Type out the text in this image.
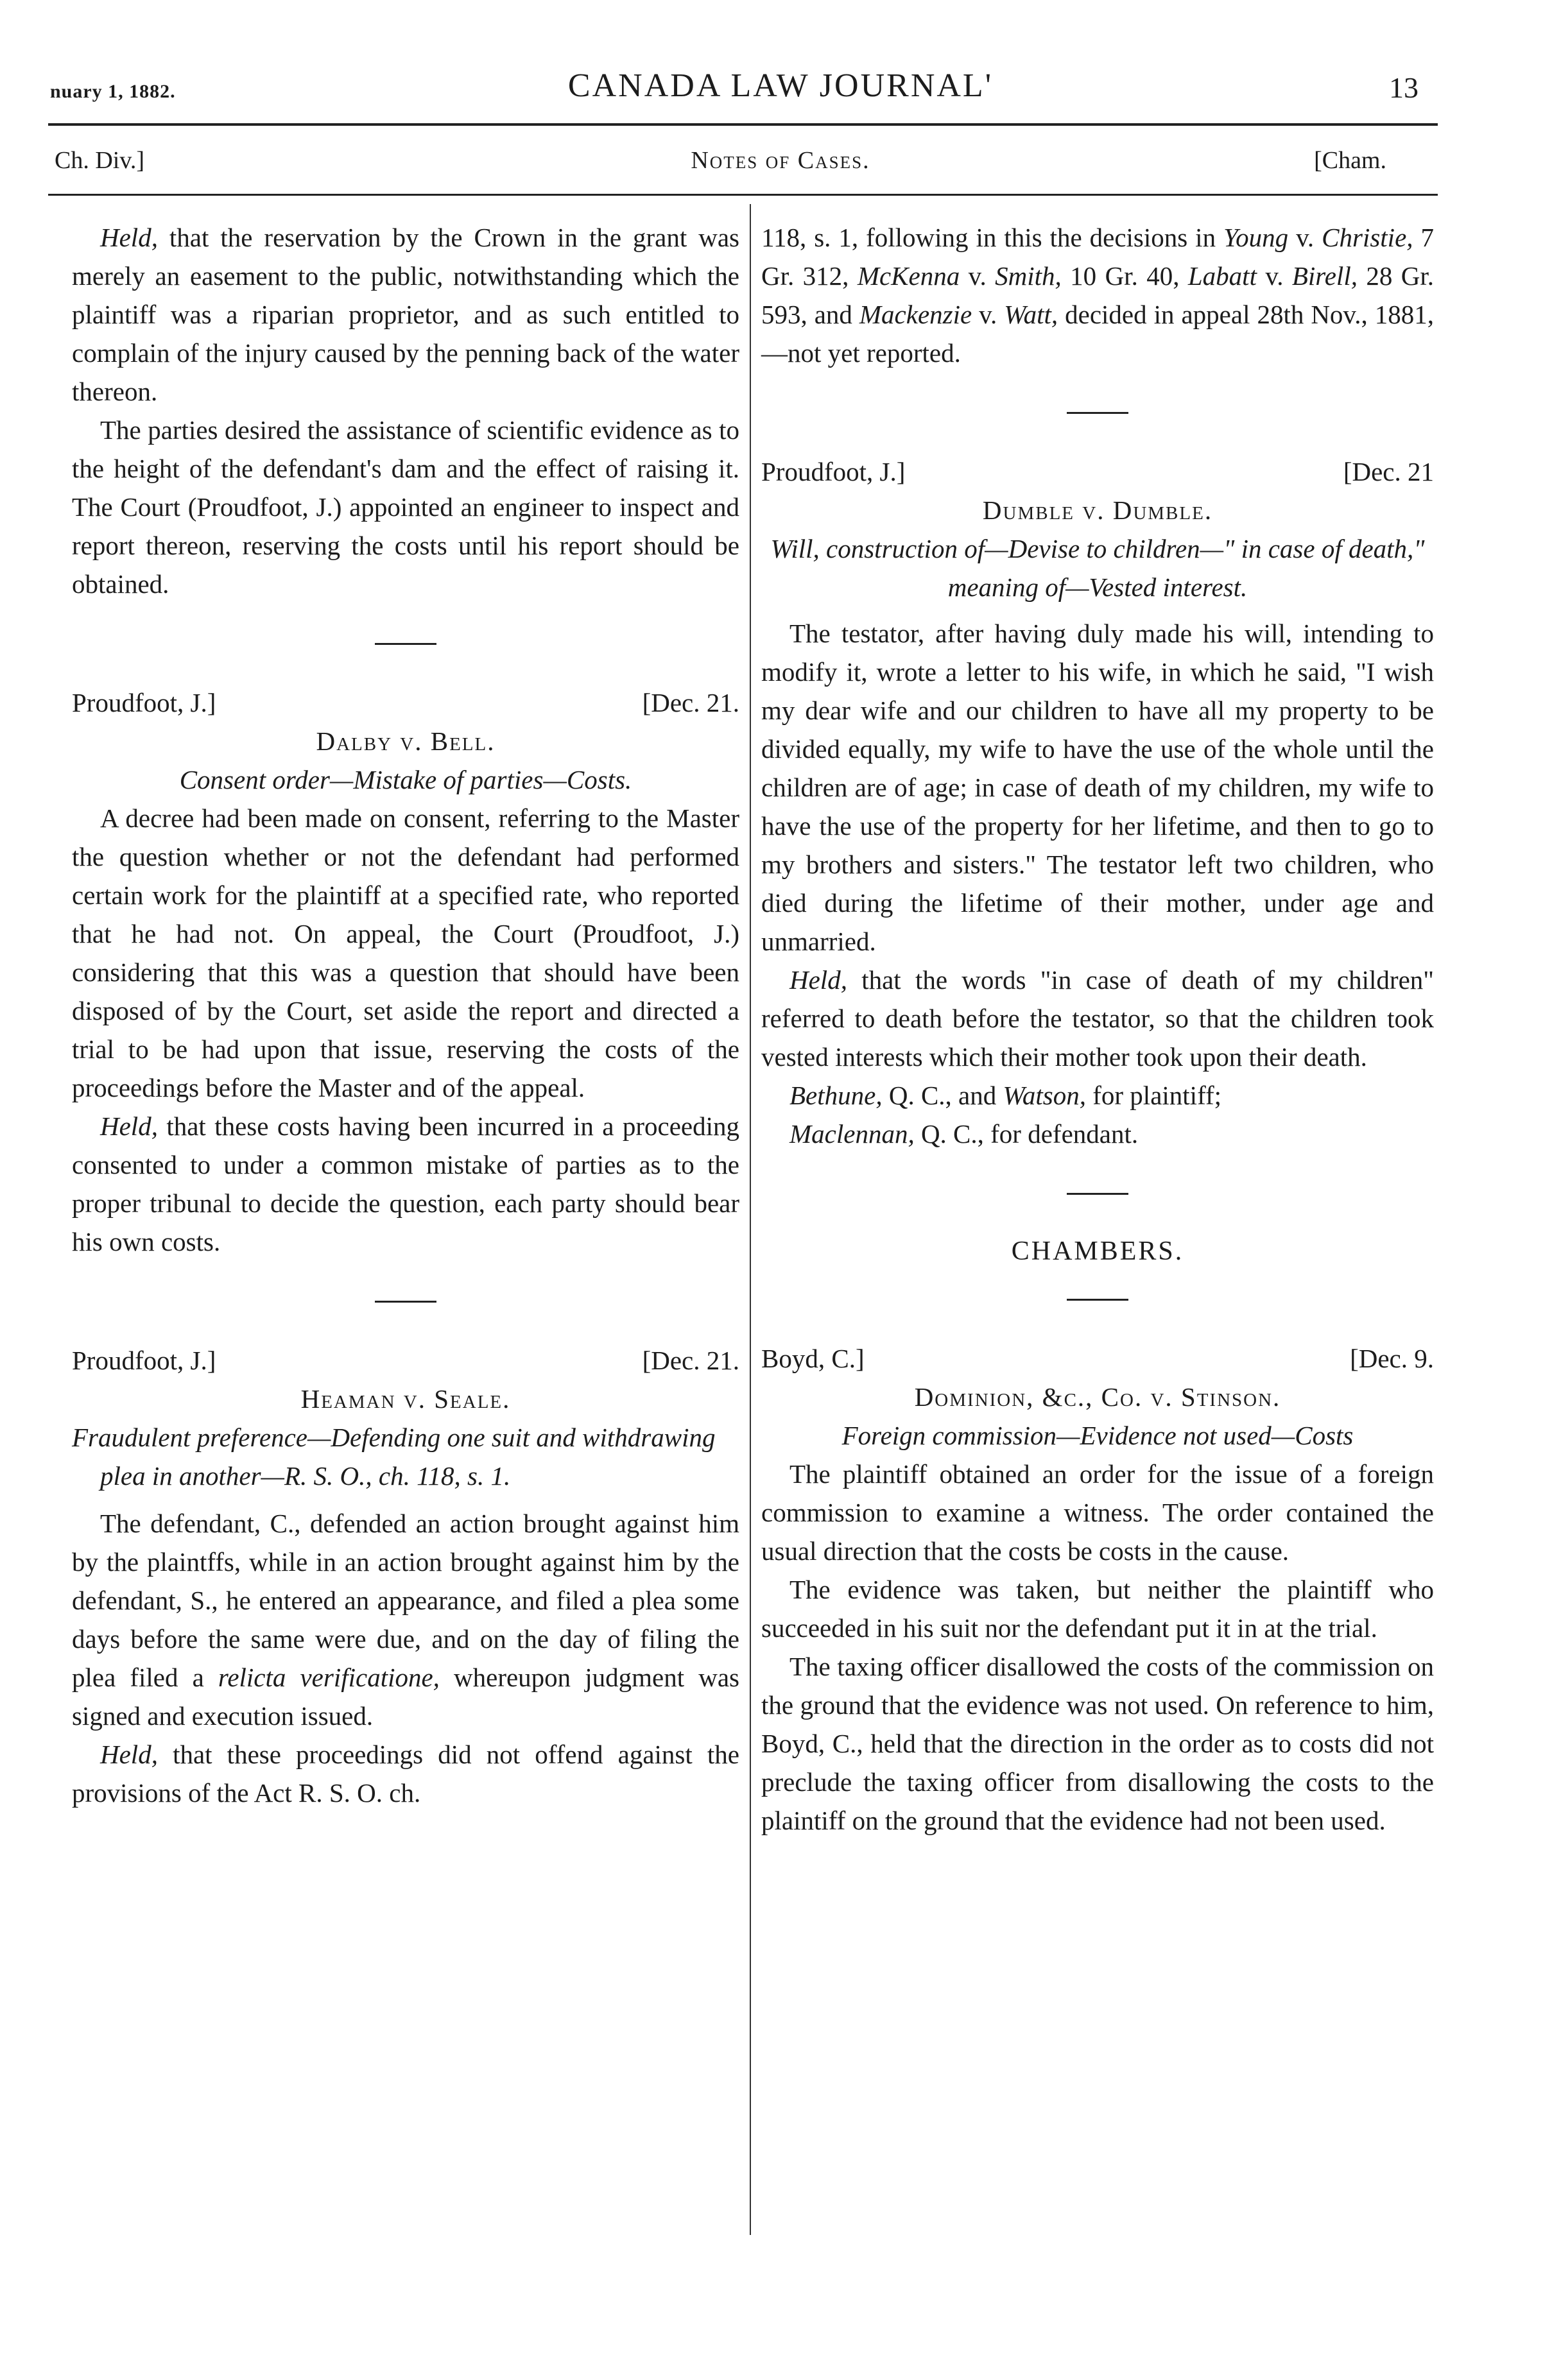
nuary 1, 1882.	CANADA LAW JOURNAL'	13
Ch. Div.]	Notes of Cases.	[Cham.

Held, that the reservation by the Crown in the grant was merely an easement to the public, notwithstanding which the plaintiff was a riparian proprietor, and as such entitled to complain of the injury caused by the penning back of the water thereon.

The parties desired the assistance of scientific evidence as to the height of the defendant's dam and the effect of raising it. The Court (Proudfoot, J.) appointed an engineer to inspect and report thereon, reserving the costs until his report should be obtained.

Proudfoot, J.]	[Dec. 21.
Dalby v. Bell.
Consent order—Mistake of parties—Costs.

A decree had been made on consent, referring to the Master the question whether or not the defendant had performed certain work for the plaintiff at a specified rate, who reported that he had not. On appeal, the Court (Proudfoot, J.) considering that this was a question that should have been disposed of by the Court, set aside the report and directed a trial to be had upon that issue, reserving the costs of the proceedings before the Master and of the appeal.

Held, that these costs having been incurred in a proceeding consented to under a common mistake of parties as to the proper tribunal to decide the question, each party should bear his own costs.

Proudfoot, J.]	[Dec. 21.
Heaman v. Seale.
Fraudulent preference—Defending one suit and withdrawing plea in another—R. S. O., ch. 118, s. 1.

The defendant, C., defended an action brought against him by the plaintffs, while in an action brought against him by the defendant, S., he entered an appearance, and filed a plea some days before the same were due, and on the day of filing the plea filed a relicta verificatione, whereupon judgment was signed and execution issued.

Held, that these proceedings did not offend against the provisions of the Act R. S. O. ch.

118, s. 1, following in this the decisions in Young v. Christie, 7 Gr. 312, McKenna v. Smith, 10 Gr. 40, Labatt v. Birell, 28 Gr. 593, and Mackenzie v. Watt, decided in appeal 28th Nov., 1881,—not yet reported.

Proudfoot, J.]	[Dec. 21
Dumble v. Dumble.
Will, construction of—Devise to children—" in case of death," meaning of—Vested interest.

The testator, after having duly made his will, intending to modify it, wrote a letter to his wife, in which he said, "I wish my dear wife and our children to have all my property to be divided equally, my wife to have the use of the whole until the children are of age; in case of death of my children, my wife to have the use of the property for her lifetime, and then to go to my brothers and sisters." The testator left two children, who died during the lifetime of their mother, under age and unmarried.

Held, that the words "in case of death of my children" referred to death before the testator, so that the children took vested interests which their mother took upon their death.

Bethune, Q. C., and Watson, for plaintiff;

Maclennan, Q. C., for defendant.

CHAMBERS.
Boyd, C.]	[Dec. 9.
Dominion, &c., Co. v. Stinson.
Foreign commission—Evidence not used—Costs

The plaintiff obtained an order for the issue of a foreign commission to examine a witness. The order contained the usual direction that the costs be costs in the cause.

The evidence was taken, but neither the plaintiff who succeeded in his suit nor the defendant put it in at the trial.

The taxing officer disallowed the costs of the commission on the ground that the evidence was not used. On reference to him, Boyd, C., held that the direction in the order as to costs did not preclude the taxing officer from disallowing the costs to the plaintiff on the ground that the evidence had not been used.
